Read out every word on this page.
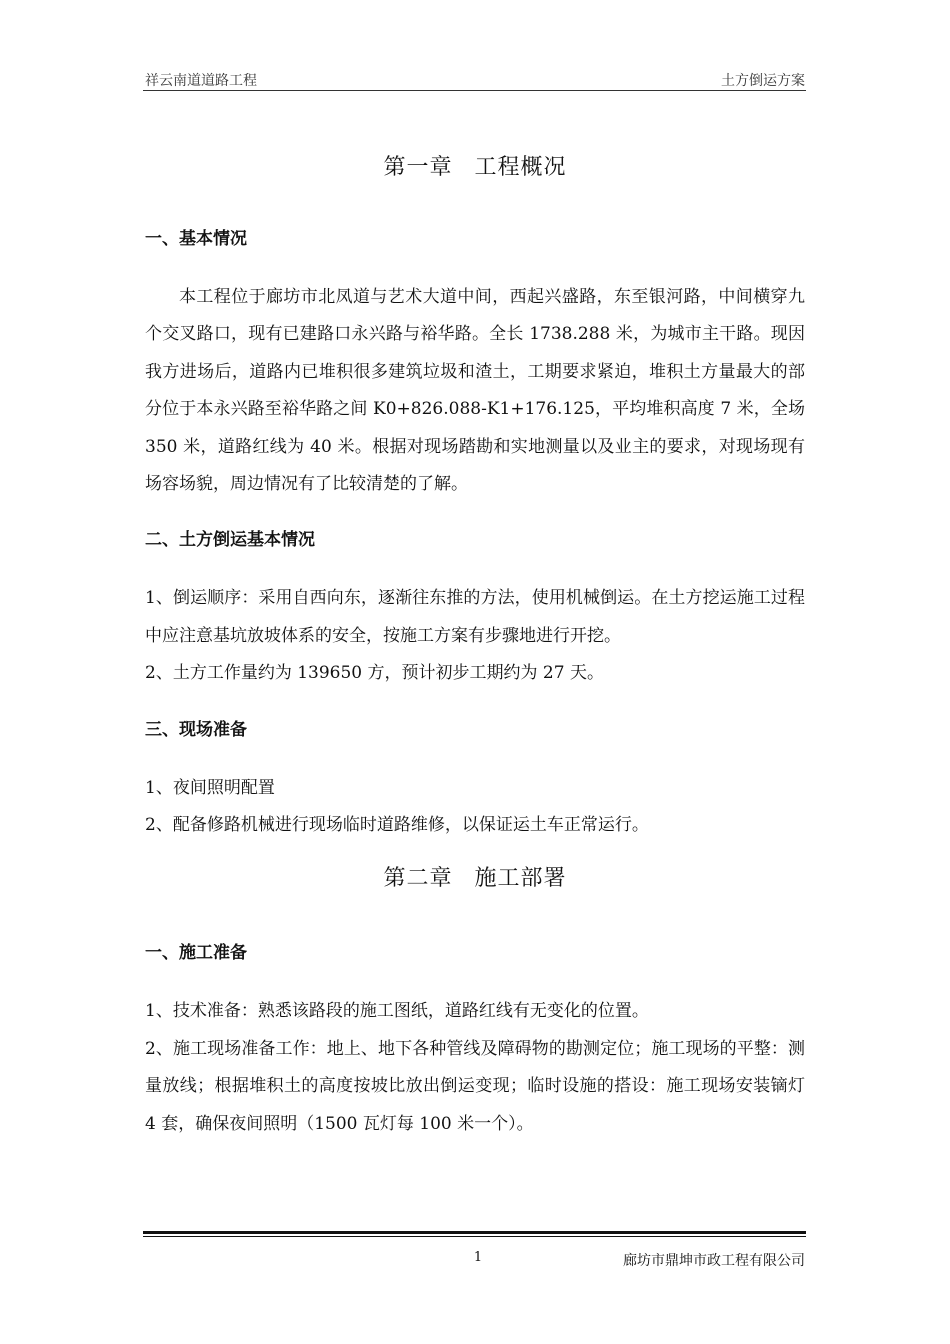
祥云南道道路工程	土方倒运方案
第一章 工程概况
一、基本情况

本工程位于廊坊市北凤道与艺术大道中间，西起兴盛路，东至银河路，中间横穿九个交叉路口，现有已建路口永兴路与裕华路。全长 1738.288 米，为城市主干路。现因我方进场后，道路内已堆积很多建筑垃圾和渣土，工期要求紧迫，堆积土方量最大的部分位于本永兴路至裕华路之间 K0+826.088-K1+176.125，平均堆积高度 7 米，全场 350 米，道路红线为 40 米。根据对现场踏勘和实地测量以及业主的要求，对现场现有场容场貌，周边情况有了比较清楚的了解。

二、土方倒运基本情况

1、倒运顺序：采用自西向东，逐渐往东推的方法，使用机械倒运。在土方挖运施工过程中应注意基坑放坡体系的安全，按施工方案有步骤地进行开挖。

2、土方工作量约为 139650 方，预计初步工期约为 27 天。

三、现场准备

1、夜间照明配置

2、配备修路机械进行现场临时道路维修，以保证运土车正常运行。

第二章 施工部署
一、施工准备

1、技术准备：熟悉该路段的施工图纸，道路红线有无变化的位置。

2、施工现场准备工作：地上、地下各种管线及障碍物的勘测定位；施工现场的平整：测量放线；根据堆积土的高度按坡比放出倒运变现；临时设施的搭设：施工现场安装镝灯 4 套，确保夜间照明（1500 瓦灯每 100 米一个）。

1	廊坊市鼎坤市政工程有限公司
